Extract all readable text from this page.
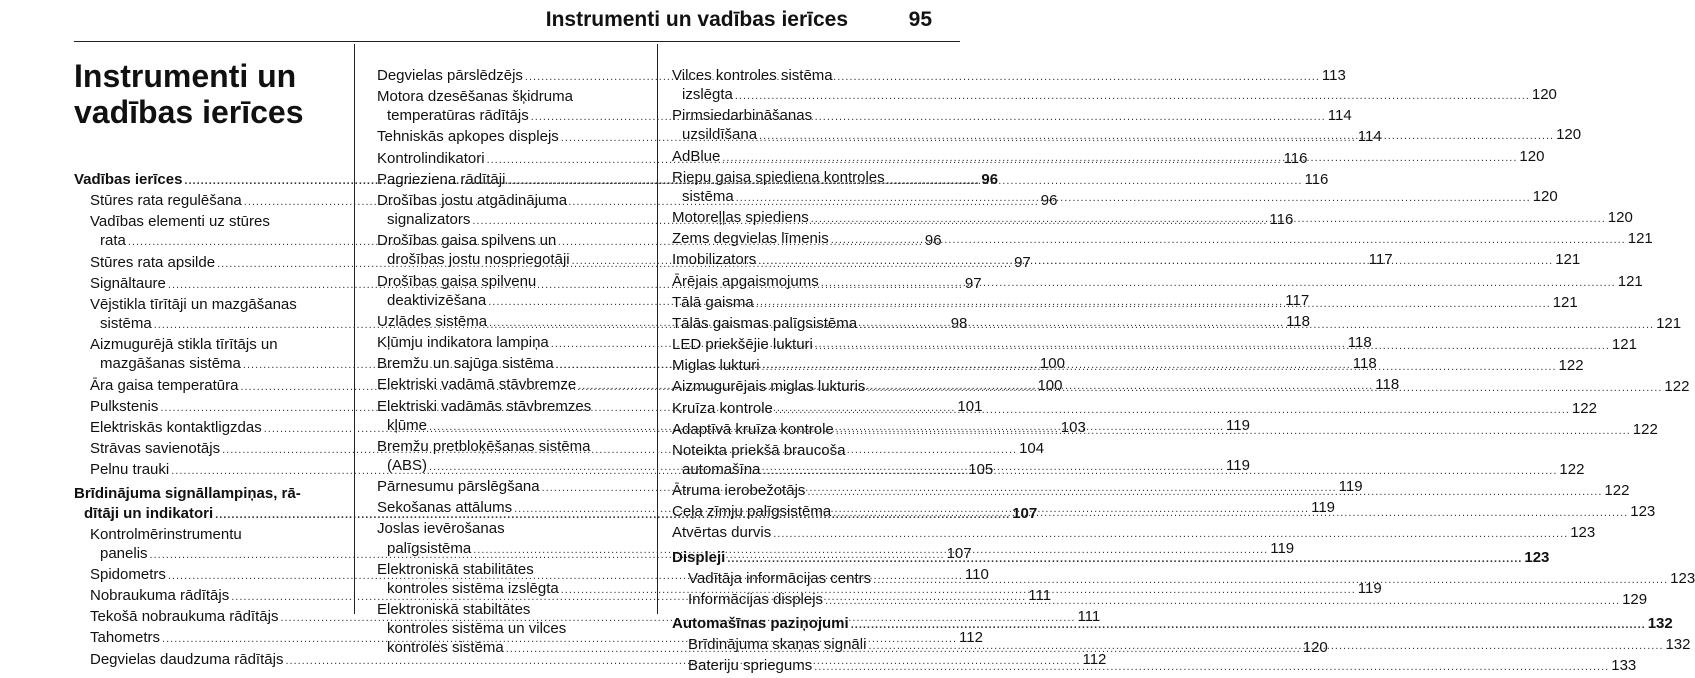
Instrumenti un vadības ierīces	95
Instrumenti un
vadības ierīces
Vadības ierīces .....	96
Stūres rata regulēšana .....	96
Vadības elementi uz stūres
rata .....	96
Stūres rata apsilde .....	97
Signāltaure .....	97
Vējstikla tīrītāji un mazgāšanas
sistēma .....	98
Aizmugurējā stikla tīrītājs un
mazgāšanas sistēma .....	100
Āra gaisa temperatūra .....	100
Pulkstenis .....	101
Elektriskās kontaktligzdas .....	103
Strāvas savienotājs .....	104
Pelnu trauki .....	105
Brīdinājuma signāllampiņas, rā-
dītāji un indikatori .....	107
Kontrolmērinstrumentu
panelis .....	107
Spidometrs .....	110
Nobraukuma rādītājs .....	111
Tekošā nobraukuma rādītājs .....	111
Tahometrs .....	112
Degvielas daudzuma rādītājs .....	112
Degvielas pārslēdzējs .....	113
Motora dzesēšanas šķidruma
temperatūras rādītājs .....	114
Tehniskās apkopes displejs .....	114
Kontrolindikatori .....	116
Pagrieziena rādītāji .....	116
Drošības jostu atgādinājuma
signalizators .....	116
Drošības gaisa spilvens un
drošības jostu nospriegotāji .....	117
Drošības gaisa spilvenu
deaktivizēšana .....	117
Uzlādes sistēma .....	118
Kļūmju indikatora lampiņa .....	118
Bremžu un sajūga sistēma .....	118
Elektriski vadāmā stāvbremze .....	118
Elektriski vadāmās stāvbremzes
kļūme .....	119
Bremžu pretbloķēšanas sistēma
(ABS) .....	119
Pārnesumu pārslēgšana .....	119
Sekošanas attālums .....	119
Joslas ievērošanas
palīgsistēma .....	119
Elektroniskā stabilitātes
kontroles sistēma izslēgta .....	119
Elektroniskā stabiltātes
kontroles sistēma un vilces
kontroles sistēma .....	120
Vilces kontroles sistēma
izslēgta .....	120
Pirmsiedarbināšanas
uzsildīšana .....	120
AdBlue .....	120
Riepu gaisa spiediena kontroles
sistēma .....	120
Motoreļļas spiediens .....	120
Zems degvielas līmenis .....	121
Imobilizators .....	121
Ārējais apgaismojums .....	121
Tālā gaisma .....	121
Tālās gaismas palīgsistēma .....	121
LED priekšējie lukturi .....	121
Miglas lukturi .....	122
Aizmugurējais miglas lukturis .....	122
Kruīza kontrole .....	122
Adaptīvā kruīza kontrole .....	122
Noteikta priekšā braucoša
automašīna .....	122
Ātruma ierobežotājs .....	122
Ceļa zīmju palīgsistēma .....	123
Atvērtas durvis .....	123
Displeji .....	123
Vadītāja informācijas centrs .....	123
Informācijas displejs .....	129
Automašīnas paziņojumi .....	132
Brīdinājuma skaņas signāli .....	132
Bateriju spriegums .....	133
